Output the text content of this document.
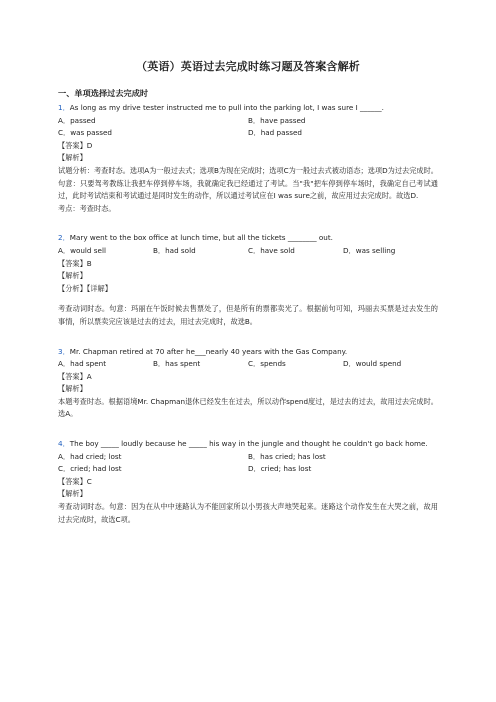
（英语）英语过去完成时练习题及答案含解析
一、单项选择过去完成时
1．As long as my drive tester instructed me to pull into the parking lot, I was sure I ______.
A．passed	B．have passed
C．was passed	D．had passed
【答案】D
【解析】
试题分析：考查时态。选项A为一般过去式；选项B为现在完成时；选项C为一般过去式被动语态；选项D为过去完成时。句意：只要驾考教练让我把车停到停车场，我就确定我已经通过了考试。当"我"把车停到停车场时，我确定自己考试通过，此时考试结束和考试通过是同时发生的动作，所以通过考试应在I was sure之前，故应用过去完成时。故选D.
考点：考查时态。
2．Mary went to the box office at lunch time, but all the tickets ________ out.
A．would sell	B．had sold	C．have sold	D．was selling
【答案】B
【解析】
【分析】【详解】
考查动词时态。句意：玛丽在午饭时候去售票处了，但是所有的票都卖光了。根据前句可知，玛丽去买票是过去发生的事情，所以票卖完应该是过去的过去，用过去完成时，故选B。
3．Mr. Chapman retired at 70 after he___nearly 40 years with the Gas Company.
A．had spent	B．has spent	C．spends	D．would spend
【答案】A
【解析】
本题考查时态。根据语境Mr. Chapman退休已经发生在过去，所以动作spend度过，是过去的过去，故用过去完成时。选A。
4．The boy _____ loudly because he _____ his way in the jungle and thought he couldn't go back home.
A．had cried; lost	B．has cried; has lost
C．cried; had lost	D．cried; has lost
【答案】C
【解析】
考查动词时态。句意：因为在从中中迷路认为不能回家所以小男孩大声地哭起来。迷路这个动作发生在大哭之前，故用过去完成时，故选C项。
